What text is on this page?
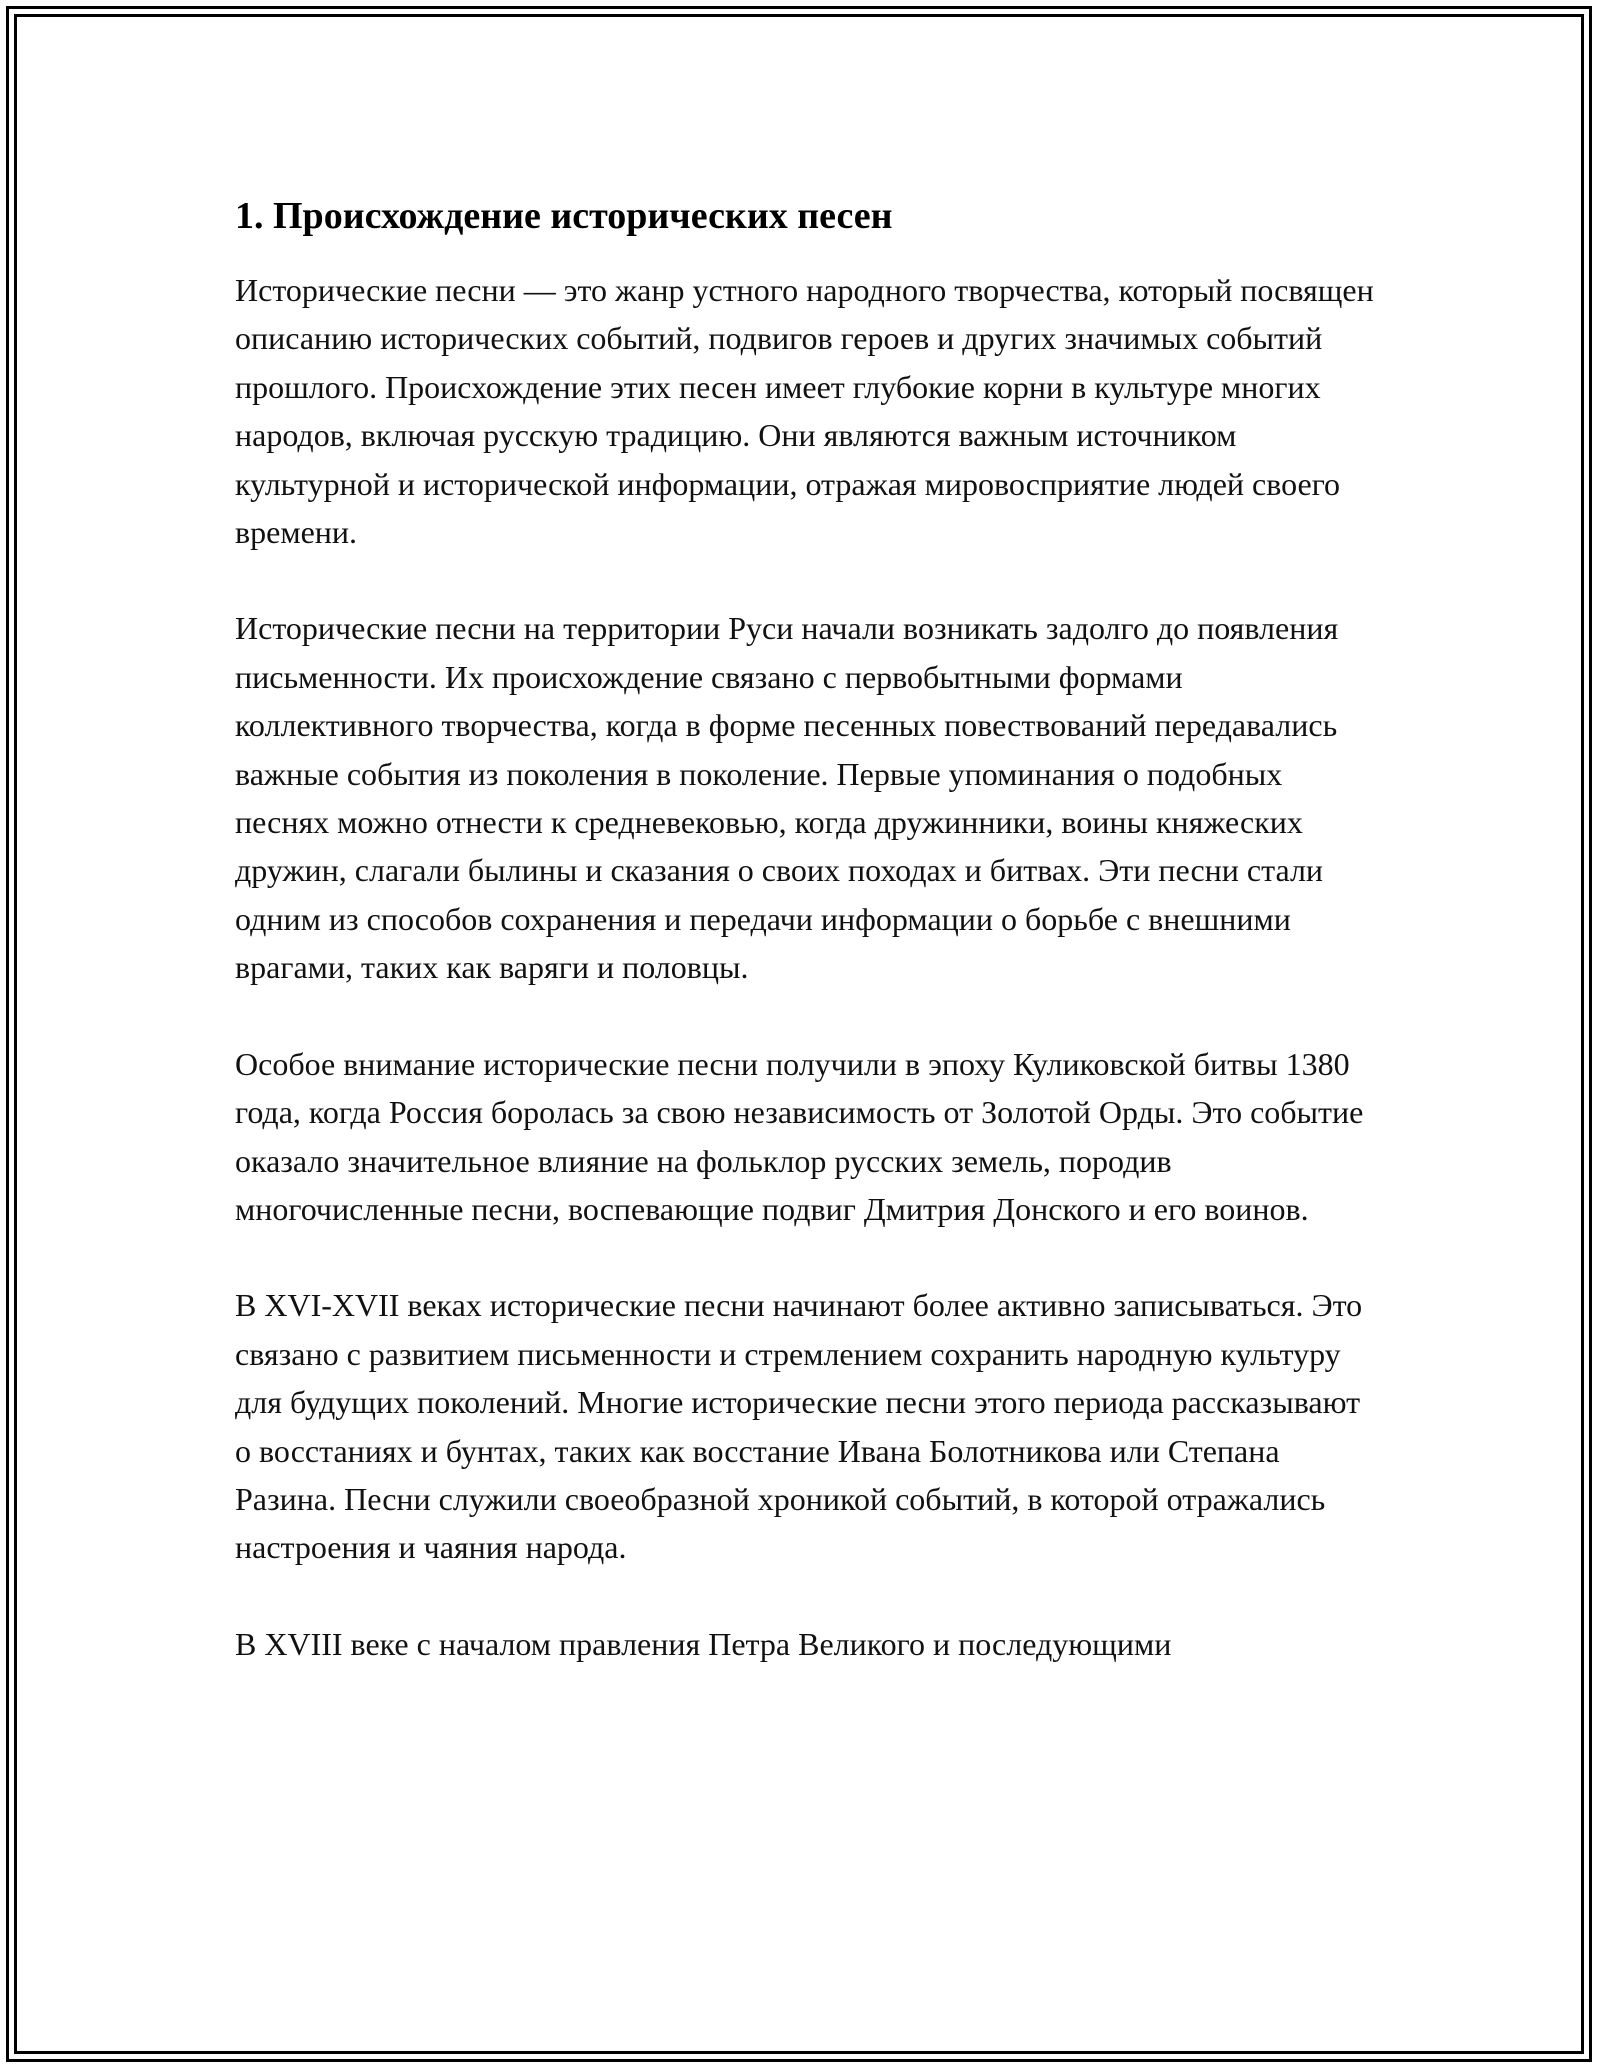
1. Происхождение исторических песен

Исторические песни — это жанр устного народного творчества, который посвящен описанию исторических событий, подвигов героев и других значимых событий прошлого. Происхождение этих песен имеет глубокие корни в культуре многих народов, включая русскую традицию. Они являются важным источником культурной и исторической информации, отражая мировосприятие людей своего времени.

Исторические песни на территории Руси начали возникать задолго до появления письменности. Их происхождение связано с первобытными формами коллективного творчества, когда в форме песенных повествований передавались важные события из поколения в поколение. Первые упоминания о подобных песнях можно отнести к средневековью, когда дружинники, воины княжеских дружин, слагали былины и сказания о своих походах и битвах. Эти песни стали одним из способов сохранения и передачи информации о борьбе с внешними врагами, таких как варяги и половцы.

Особое внимание исторические песни получили в эпоху Куликовской битвы 1380 года, когда Россия боролась за свою независимость от Золотой Орды. Это событие оказало значительное влияние на фольклор русских земель, породив многочисленные песни, воспевающие подвиг Дмитрия Донского и его воинов.

В XVI-XVII веках исторические песни начинают более активно записываться. Это связано с развитием письменности и стремлением сохранить народную культуру для будущих поколений. Многие исторические песни этого периода рассказывают о восстаниях и бунтах, таких как восстание Ивана Болотникова или Степана Разина. Песни служили своеобразной хроникой событий, в которой отражались настроения и чаяния народа.

В XVIII веке с началом правления Петра Великого и последующими
